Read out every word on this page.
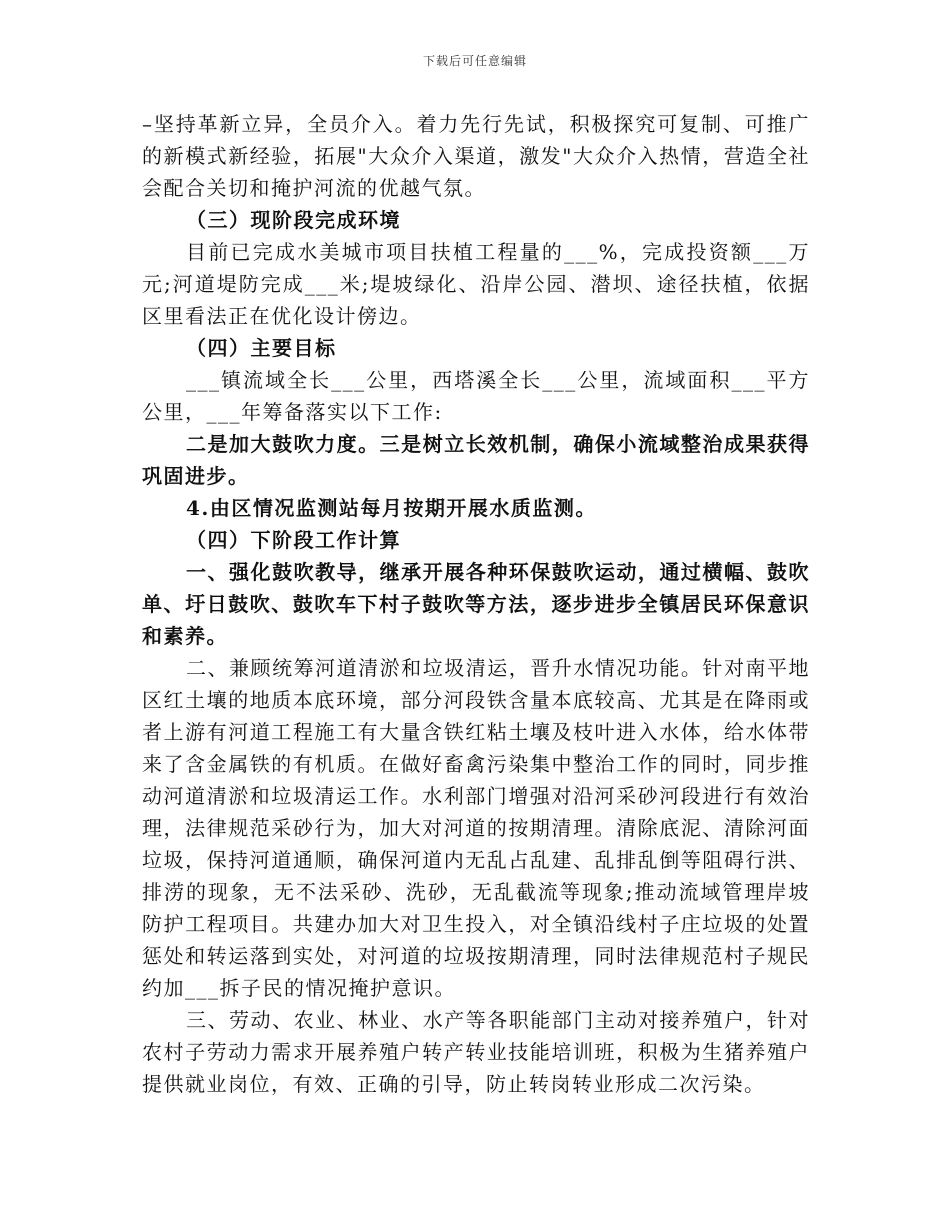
下载后可任意编辑

–坚持革新立异，全员介入。着力先行先试，积极探究可复制、可推广的新模式新经验，拓展"大众介入渠道，激发"大众介入热情，营造全社会配合关切和掩护河流的优越气氛。

（三）现阶段完成环境

目前已完成水美城市项目扶植工程量的___%，完成投资额___万元;河道堤防完成___米;堤坡绿化、沿岸公园、潜坝、途径扶植，依据区里看法正在优化设计傍边。

（四）主要目标

___镇流域全长___公里，西塔溪全长___公里，流域面积___平方公里，___年筹备落实以下工作:

二是加大鼓吹力度。三是树立长效机制，确保小流域整治成果获得巩固进步。

4.由区情况监测站每月按期开展水质监测。

（四）下阶段工作计算

一、强化鼓吹教导，继承开展各种环保鼓吹运动，通过横幅、鼓吹单、圩日鼓吹、鼓吹车下村子鼓吹等方法，逐步进步全镇居民环保意识和素养。

二、兼顾统筹河道清淤和垃圾清运，晋升水情况功能。针对南平地区红土壤的地质本底环境，部分河段铁含量本底较高、尤其是在降雨或者上游有河道工程施工有大量含铁红粘土壤及枝叶进入水体，给水体带来了含金属铁的有机质。在做好畜禽污染集中整治工作的同时，同步推动河道清淤和垃圾清运工作。水利部门增强对沿河采砂河段进行有效治理，法律规范采砂行为，加大对河道的按期清理。清除底泥、清除河面垃圾，保持河道通顺，确保河道内无乱占乱建、乱排乱倒等阻碍行洪、排涝的现象，无不法采砂、洗砂，无乱截流等现象;推动流域管理岸坡防护工程项目。共建办加大对卫生投入，对全镇沿线村子庄垃圾的处置惩处和转运落到实处，对河道的垃圾按期清理，同时法律规范村子规民约加___拆子民的情况掩护意识。

三、劳动、农业、林业、水产等各职能部门主动对接养殖户，针对农村子劳动力需求开展养殖户转产转业技能培训班，积极为生猪养殖户提供就业岗位，有效、正确的引导，防止转岗转业形成二次污染。
